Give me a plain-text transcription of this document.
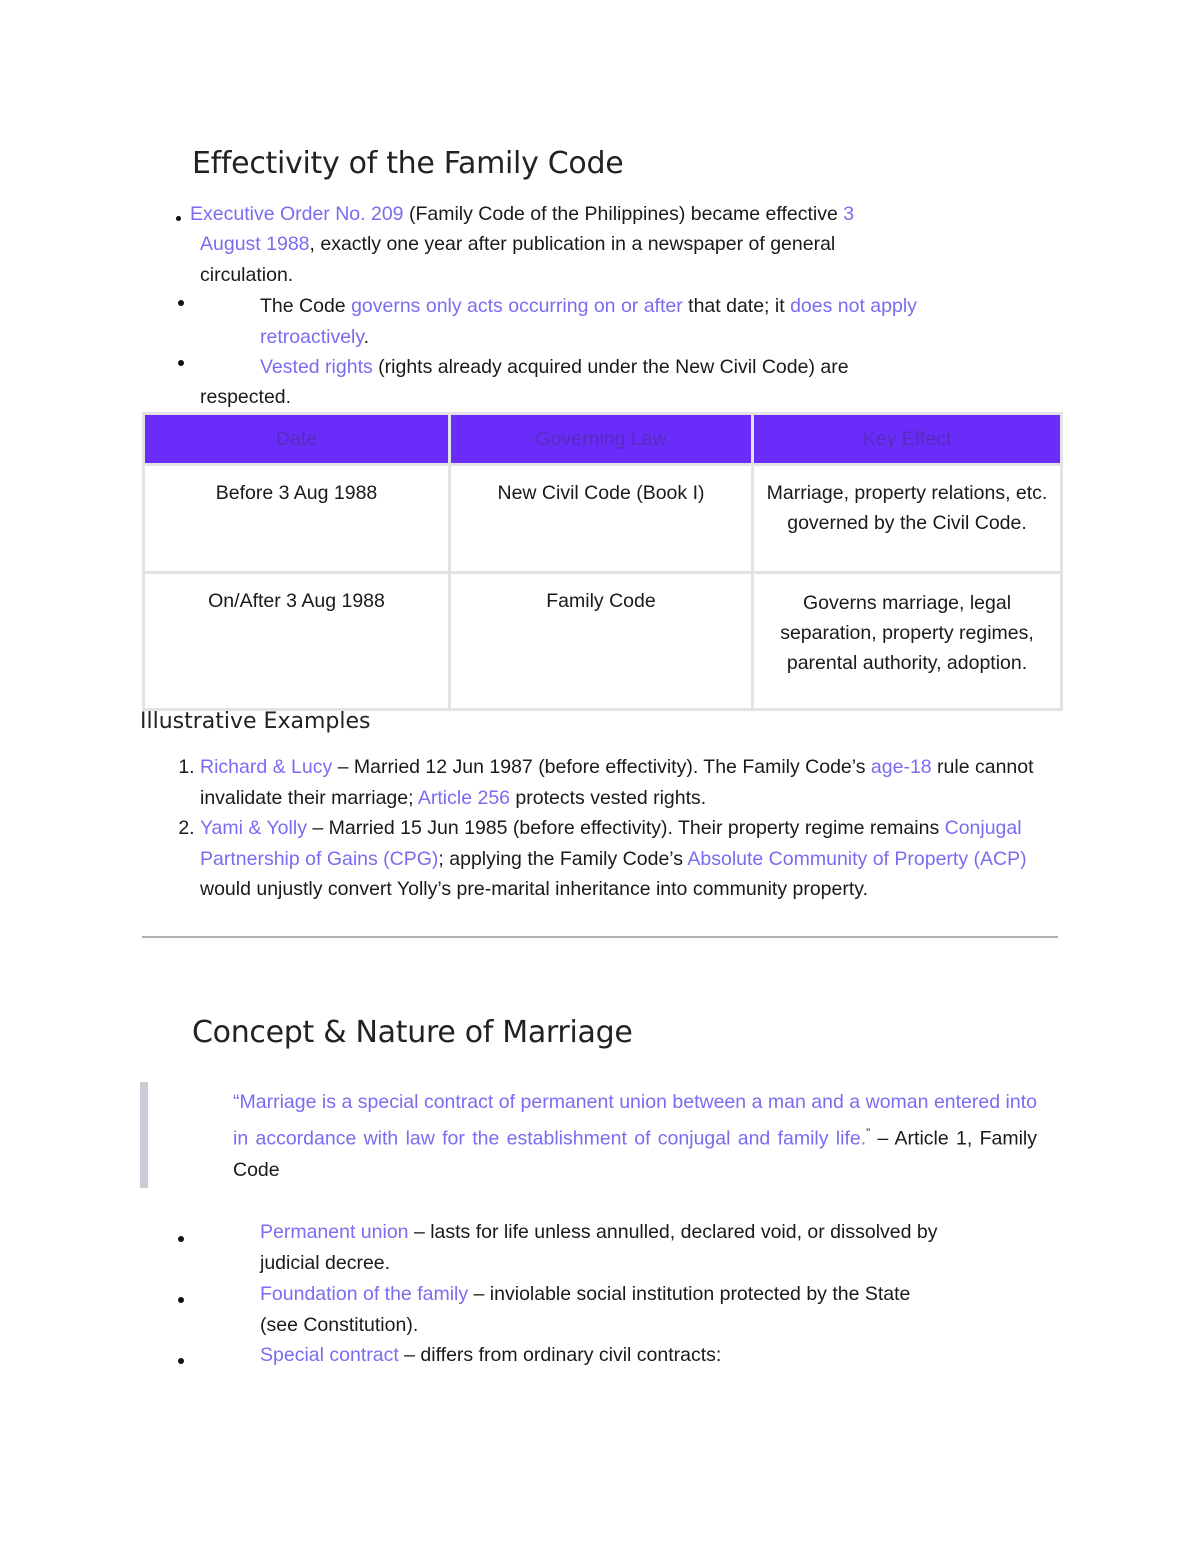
Effectivity of the Family Code
Executive Order No. 209 (Family Code of the Philippines) became effective 3
August 1988, exactly one year after publication in a newspaper of general
circulation.
The Code governs only acts occurring on or after that date; it does not apply
retroactively.
Vested rights (rights already acquired under the New Civil Code) are
respected.
Date	Governing Law	Key Effect
Before 3 Aug 1988	New Civil Code (Book I)	Marriage, property relations, etc. governed by the Civil Code.
On/After 3 Aug 1988	Family Code	Governs marriage, legal separation, property regimes, parental authority, adoption.
Illustrative Examples
1. Richard & Lucy – Married 12 Jun 1987 (before effectivity). The Family Code’s age-18 rule cannot invalidate their marriage; Article 256 protects vested rights.
2. Yami & Yolly – Married 15 Jun 1985 (before effectivity). Their property regime remains Conjugal Partnership of Gains (CPG); applying the Family Code’s Absolute Community of Property (ACP) would unjustly convert Yolly’s pre-marital inheritance into community property.
Concept & Nature of Marriage
“Marriage is a special contract of permanent union between a man and a woman entered into in accordance with law for the establishment of conjugal and family life.” – Article 1, Family Code
Permanent union – lasts for life unless annulled, declared void, or dissolved by
judicial decree.
Foundation of the family – inviolable social institution protected by the State
(see Constitution).
Special contract – differs from ordinary civil contracts:
